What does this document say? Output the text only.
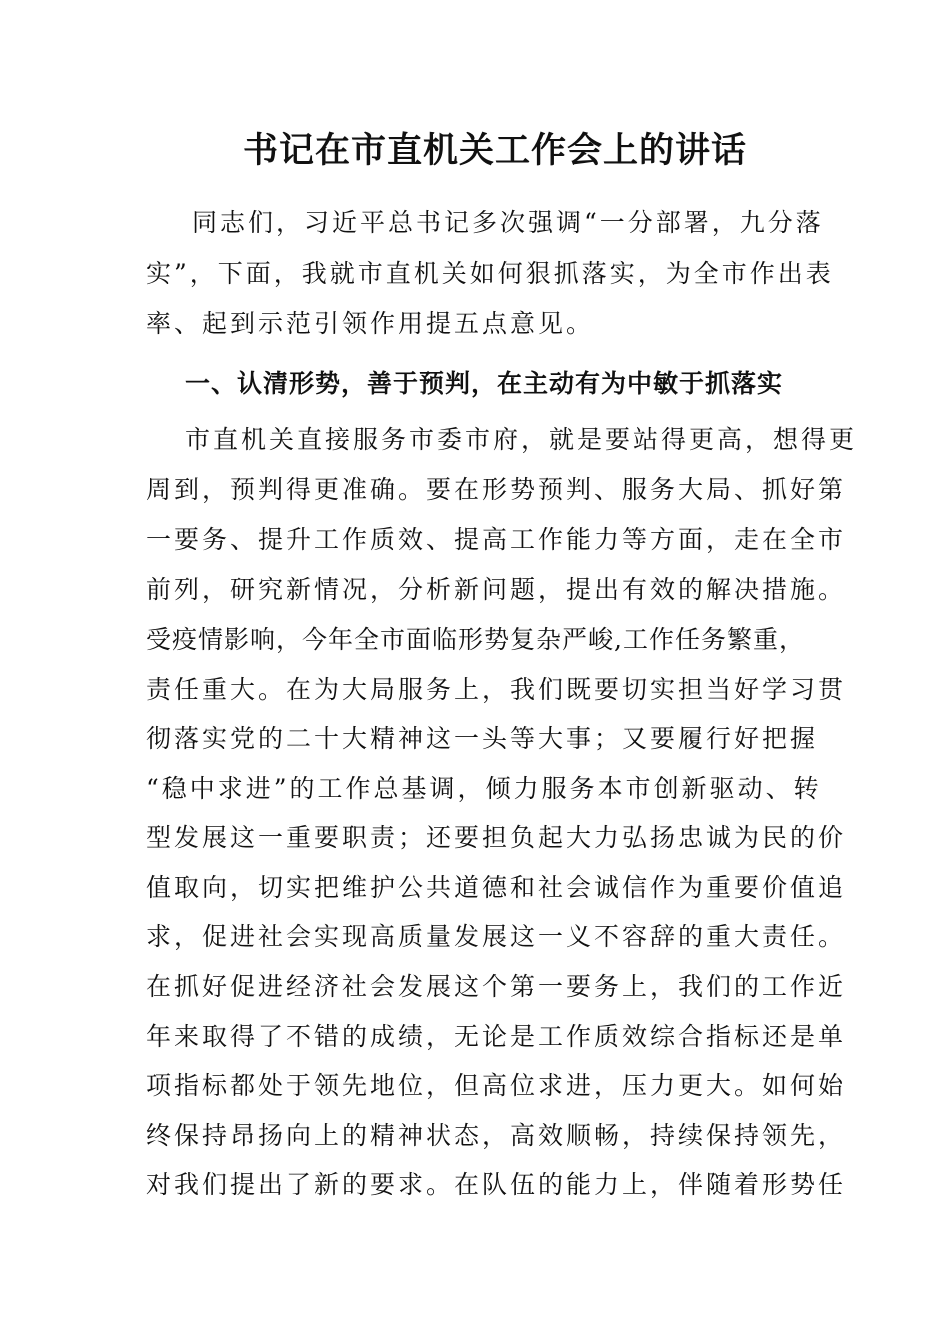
书记在市直机关工作会上的讲话
同志们，习近平总书记多次强调“一分部署，九分落
实”，下面，我就市直机关如何狠抓落实，为全市作出表
率、起到示范引领作用提五点意见。
一、认清形势，善于预判，在主动有为中敏于抓落实
市直机关直接服务市委市府，就是要站得更高，想得更
周到，预判得更准确。要在形势预判、服务大局、抓好第
一要务、提升工作质效、提高工作能力等方面，走在全市
前列，研究新情况，分析新问题，提出有效的解决措施。
受疫情影响，今年全市面临形势复杂严峻,工作任务繁重，
责任重大。在为大局服务上，我们既要切实担当好学习贯
彻落实党的二十大精神这一头等大事；又要履行好把握
“稳中求进”的工作总基调，倾力服务本市创新驱动、转
型发展这一重要职责；还要担负起大力弘扬忠诚为民的价
值取向，切实把维护公共道德和社会诚信作为重要价值追
求，促进社会实现高质量发展这一义不容辞的重大责任。
在抓好促进经济社会发展这个第一要务上，我们的工作近
年来取得了不错的成绩，无论是工作质效综合指标还是单
项指标都处于领先地位，但高位求进，压力更大。如何始
终保持昂扬向上的精神状态，高效顺畅，持续保持领先，
对我们提出了新的要求。在队伍的能力上，伴随着形势任
